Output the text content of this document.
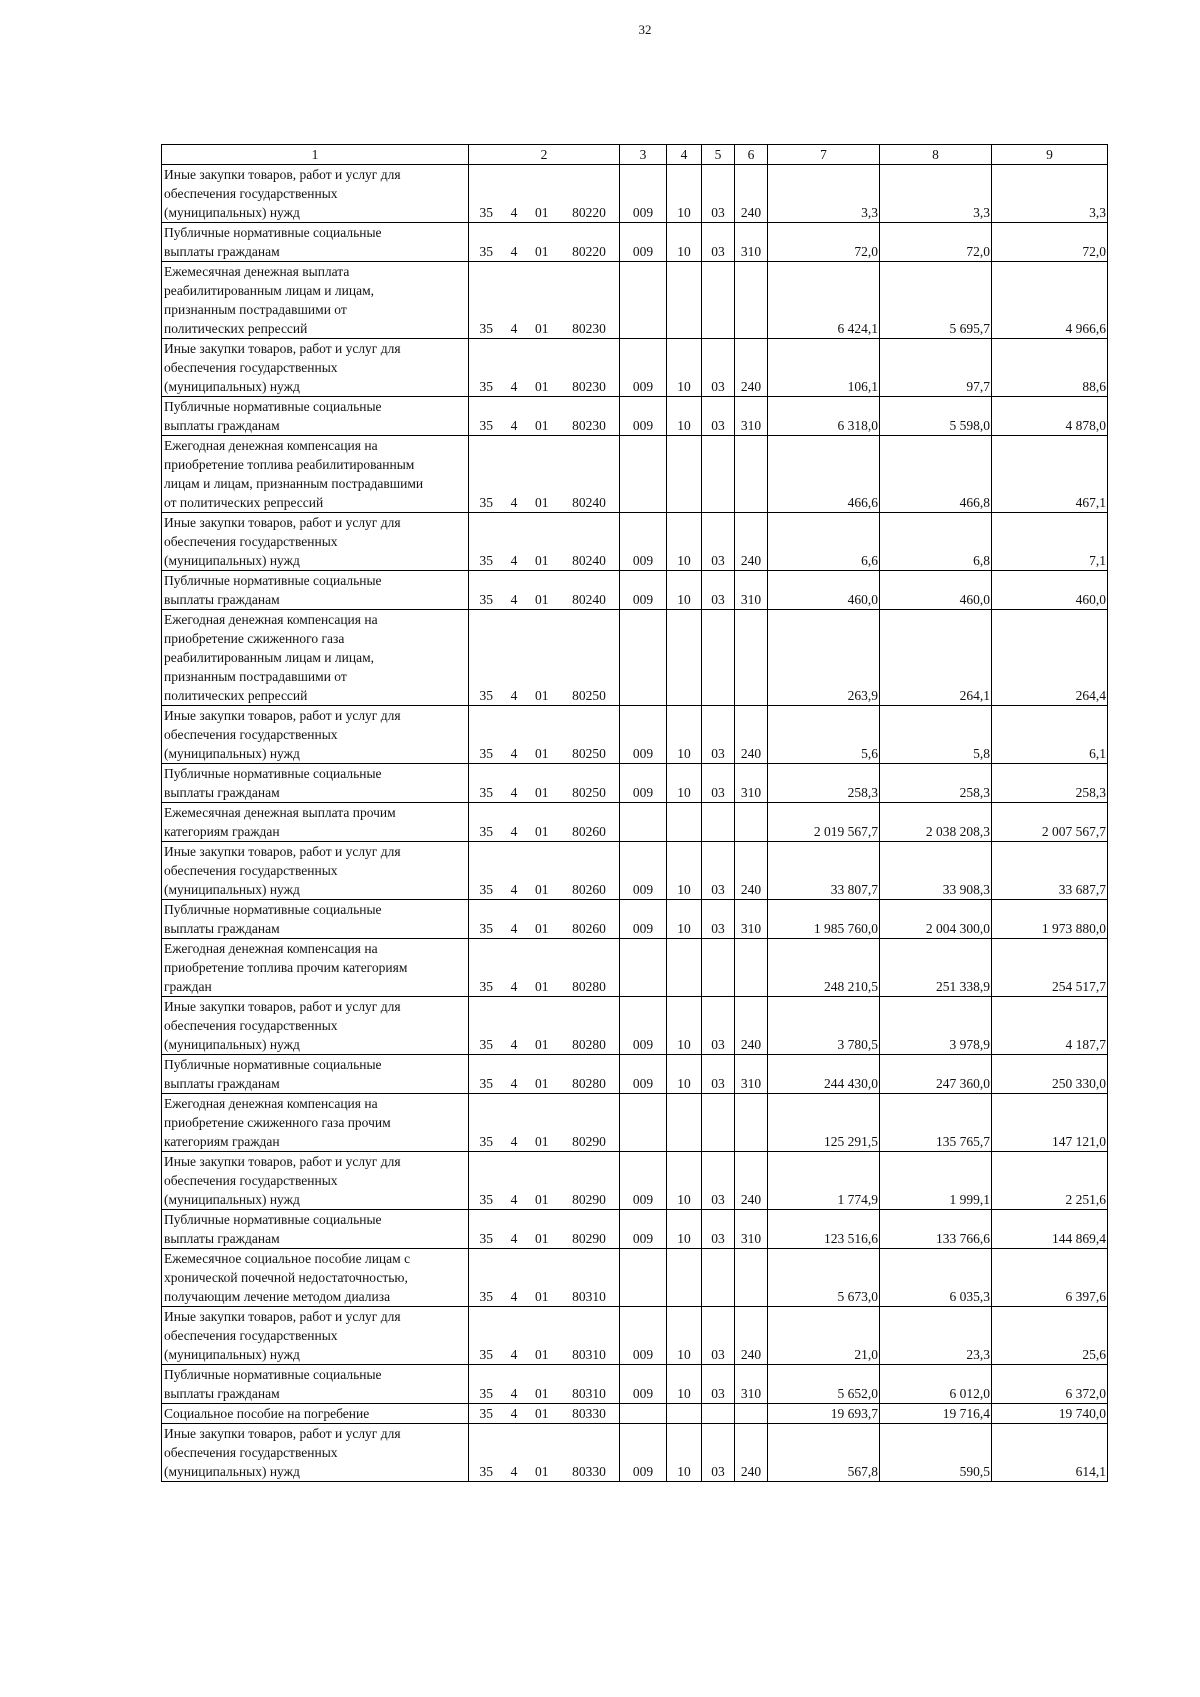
32
1	2	3	4	5	6	7	8	9
Иные закупки товаров, работ и услуг для
обеспечения государственных
(муниципальных) нужд	35 4 01 80220	009	10	03	240	3,3	3,3	3,3
Публичные нормативные социальные
выплаты гражданам	35 4 01 80220	009	10	03	310	72,0	72,0	72,0
Ежемесячная денежная выплата
реабилитированным лицам и лицам,
признанным пострадавшими от
политических репрессий	35 4 01 80230					6 424,1	5 695,7	4 966,6
Иные закупки товаров, работ и услуг для
обеспечения государственных
(муниципальных) нужд	35 4 01 80230	009	10	03	240	106,1	97,7	88,6
Публичные нормативные социальные
выплаты гражданам	35 4 01 80230	009	10	03	310	6 318,0	5 598,0	4 878,0
Ежегодная денежная компенсация на
приобретение топлива реабилитированным
лицам и лицам, признанным пострадавшими
от политических репрессий	35 4 01 80240					466,6	466,8	467,1
Иные закупки товаров, работ и услуг для
обеспечения государственных
(муниципальных) нужд	35 4 01 80240	009	10	03	240	6,6	6,8	7,1
Публичные нормативные социальные
выплаты гражданам	35 4 01 80240	009	10	03	310	460,0	460,0	460,0
Ежегодная денежная компенсация на
приобретение сжиженного газа
реабилитированным лицам и лицам,
признанным пострадавшими от
политических репрессий	35 4 01 80250					263,9	264,1	264,4
Иные закупки товаров, работ и услуг для
обеспечения государственных
(муниципальных) нужд	35 4 01 80250	009	10	03	240	5,6	5,8	6,1
Публичные нормативные социальные
выплаты гражданам	35 4 01 80250	009	10	03	310	258,3	258,3	258,3
Ежемесячная денежная выплата прочим
категориям граждан	35 4 01 80260					2 019 567,7	2 038 208,3	2 007 567,7
Иные закупки товаров, работ и услуг для
обеспечения государственных
(муниципальных) нужд	35 4 01 80260	009	10	03	240	33 807,7	33 908,3	33 687,7
Публичные нормативные социальные
выплаты гражданам	35 4 01 80260	009	10	03	310	1 985 760,0	2 004 300,0	1 973 880,0
Ежегодная денежная компенсация на
приобретение топлива прочим категориям
граждан	35 4 01 80280					248 210,5	251 338,9	254 517,7
Иные закупки товаров, работ и услуг для
обеспечения государственных
(муниципальных) нужд	35 4 01 80280	009	10	03	240	3 780,5	3 978,9	4 187,7
Публичные нормативные социальные
выплаты гражданам	35 4 01 80280	009	10	03	310	244 430,0	247 360,0	250 330,0
Ежегодная денежная компенсация на
приобретение сжиженного газа прочим
категориям граждан	35 4 01 80290					125 291,5	135 765,7	147 121,0
Иные закупки товаров, работ и услуг для
обеспечения государственных
(муниципальных) нужд	35 4 01 80290	009	10	03	240	1 774,9	1 999,1	2 251,6
Публичные нормативные социальные
выплаты гражданам	35 4 01 80290	009	10	03	310	123 516,6	133 766,6	144 869,4
Ежемесячное социальное пособие лицам с
хронической почечной недостаточностью,
получающим лечение методом диализа	35 4 01 80310					5 673,0	6 035,3	6 397,6
Иные закупки товаров, работ и услуг для
обеспечения государственных
(муниципальных) нужд	35 4 01 80310	009	10	03	240	21,0	23,3	25,6
Публичные нормативные социальные
выплаты гражданам	35 4 01 80310	009	10	03	310	5 652,0	6 012,0	6 372,0
Социальное пособие на погребение	35 4 01 80330					19 693,7	19 716,4	19 740,0
Иные закупки товаров, работ и услуг для
обеспечения государственных
(муниципальных) нужд	35 4 01 80330	009	10	03	240	567,8	590,5	614,1
